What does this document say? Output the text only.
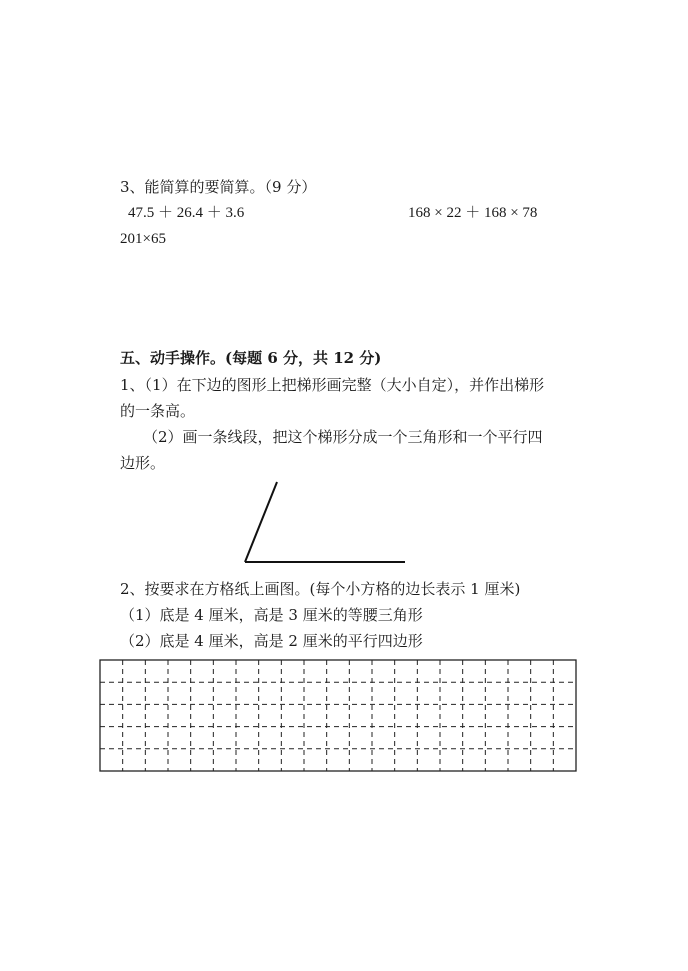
3、能简算的要简算。（9 分）
47.5 ＋ 26.4 ＋ 3.6	168 × 22 ＋ 168 × 78
201×65
五、动手操作。(每题 6 分，共 12 分)
1、（1）在下边的图形上把梯形画完整（大小自定），并作出梯形
的一条高。
（2）画一条线段，把这个梯形分成一个三角形和一个平行四
边形。
2、按要求在方格纸上画图。(每个小方格的边长表示 1 厘米)
（1）底是 4 厘米，高是 3 厘米的等腰三角形
（2）底是 4 厘米，高是 2 厘米的平行四边形
